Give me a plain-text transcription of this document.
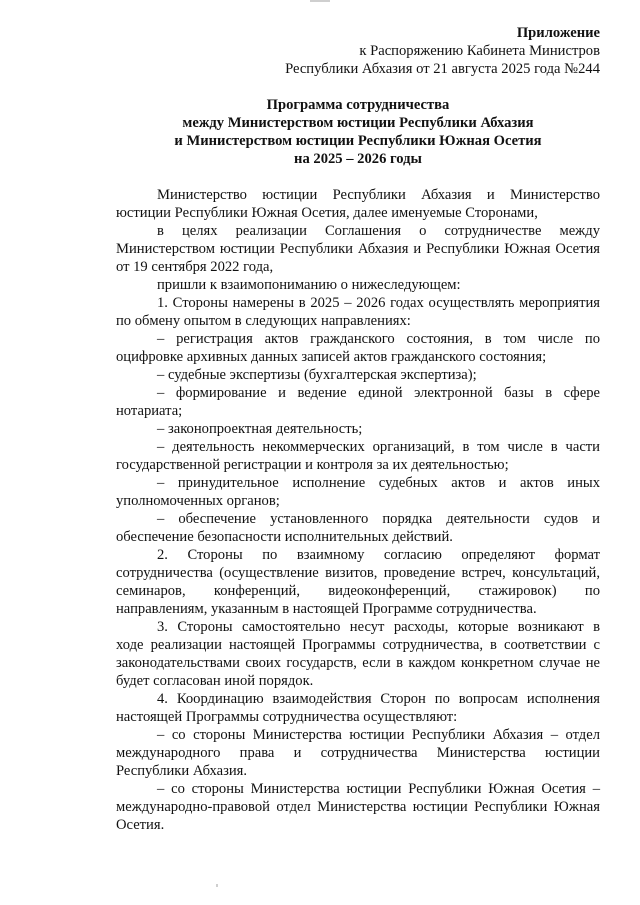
Приложение
к Распоряжению Кабинета Министров
Республики Абхазия от 21 августа 2025 года №244
Программа сотрудничества
между Министерством юстиции Республики Абхазия
и Министерством юстиции Республики Южная Осетия
на 2025 – 2026 годы
Министерство юстиции Республики Абхазия и Министерство
юстиции Республики Южная Осетия, далее именуемые Сторонами,
в целях реализации Соглашения о сотрудничестве между
Министерством юстиции Республики Абхазия и Республики Южная Осетия
от 19 сентября 2022 года,
пришли к взаимопониманию о нижеследующем:
1. Стороны намерены в 2025 – 2026 годах осуществлять мероприятия
по обмену опытом в следующих направлениях:
– регистрация актов гражданского состояния, в том числе по
оцифровке архивных данных записей актов гражданского состояния;
– судебные экспертизы (бухгалтерская экспертиза);
– формирование и ведение единой электронной базы в сфере
нотариата;
– законопроектная деятельность;
– деятельность некоммерческих организаций, в том числе в части
государственной регистрации и контроля за их деятельностью;
– принудительное исполнение судебных актов и актов иных
уполномоченных органов;
– обеспечение установленного порядка деятельности судов и
обеспечение безопасности исполнительных действий.
2. Стороны по взаимному согласию определяют формат
сотрудничества (осуществление визитов, проведение встреч, консультаций,
семинаров, конференций, видеоконференций, стажировок) по
направлениям, указанным в настоящей Программе сотрудничества.
3. Стороны самостоятельно несут расходы, которые возникают в
ходе реализации настоящей Программы сотрудничества, в соответствии с
законодательствами своих государств, если в каждом конкретном случае не
будет согласован иной порядок.
4. Координацию взаимодействия Сторон по вопросам исполнения
настоящей Программы сотрудничества осуществляют:
– со стороны Министерства юстиции Республики Абхазия – отдел
международного права и сотрудничества Министерства юстиции
Республики Абхазия.
– со стороны Министерства юстиции Республики Южная Осетия –
международно-правовой отдел Министерства юстиции Республики Южная
Осетия.
